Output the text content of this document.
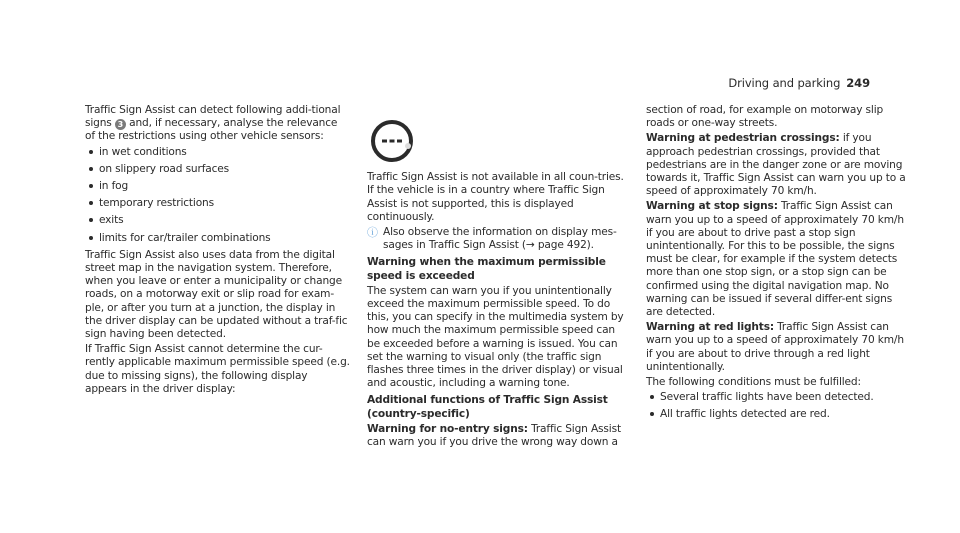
Driving and parking 249

Traffic Sign Assist can detect following addi-tional signs 3 and, if necessary, analyse the relevance of the restrictions using other vehicle sensors:

in wet conditions
on slippery road surfaces
in fog
temporary restrictions
exits
limits for car/trailer combinations

Traffic Sign Assist also uses data from the digital street map in the navigation system. Therefore, when you leave or enter a municipality or change roads, on a motorway exit or slip road for exam-ple, or after you turn at a junction, the display in the driver display can be updated without a traf-fic sign having been detected.

If Traffic Sign Assist cannot determine the cur-rently applicable maximum permissible speed (e.g. due to missing signs), the following display appears in the driver display:

Traffic Sign Assist is not available in all coun-tries. If the vehicle is in a country where Traffic Sign Assist is not supported, this is displayed continuously.

ⓘ Also observe the information on display mes-sages in Traffic Sign Assist (→ page 492).

Warning when the maximum permissible speed is exceeded

The system can warn you if you unintentionally exceed the maximum permissible speed. To do this, you can specify in the multimedia system by how much the maximum permissible speed can be exceeded before a warning is issued. You can set the warning to visual only (the traffic sign flashes three times in the driver display) or visual and acoustic, including a warning tone.

Additional functions of Traffic Sign Assist (country-specific)

Warning for no-entry signs: Traffic Sign Assist can warn you if you drive the wrong way down a

section of road, for example on motorway slip roads or one-way streets.

Warning at pedestrian crossings: if you approach pedestrian crossings, provided that pedestrians are in the danger zone or are moving towards it, Traffic Sign Assist can warn you up to a speed of approximately 70 km/h.

Warning at stop signs: Traffic Sign Assist can warn you up to a speed of approximately 70 km/h if you are about to drive past a stop sign unintentionally. For this to be possible, the signs must be clear, for example if the system detects more than one stop sign, or a stop sign can be confirmed using the digital navigation map. No warning can be issued if several differ-ent signs are detected.

Warning at red lights: Traffic Sign Assist can warn you up to a speed of approximately 70 km/h if you are about to drive through a red light unintentionally.

The following conditions must be fulfilled:

Several traffic lights have been detected.
All traffic lights detected are red.
